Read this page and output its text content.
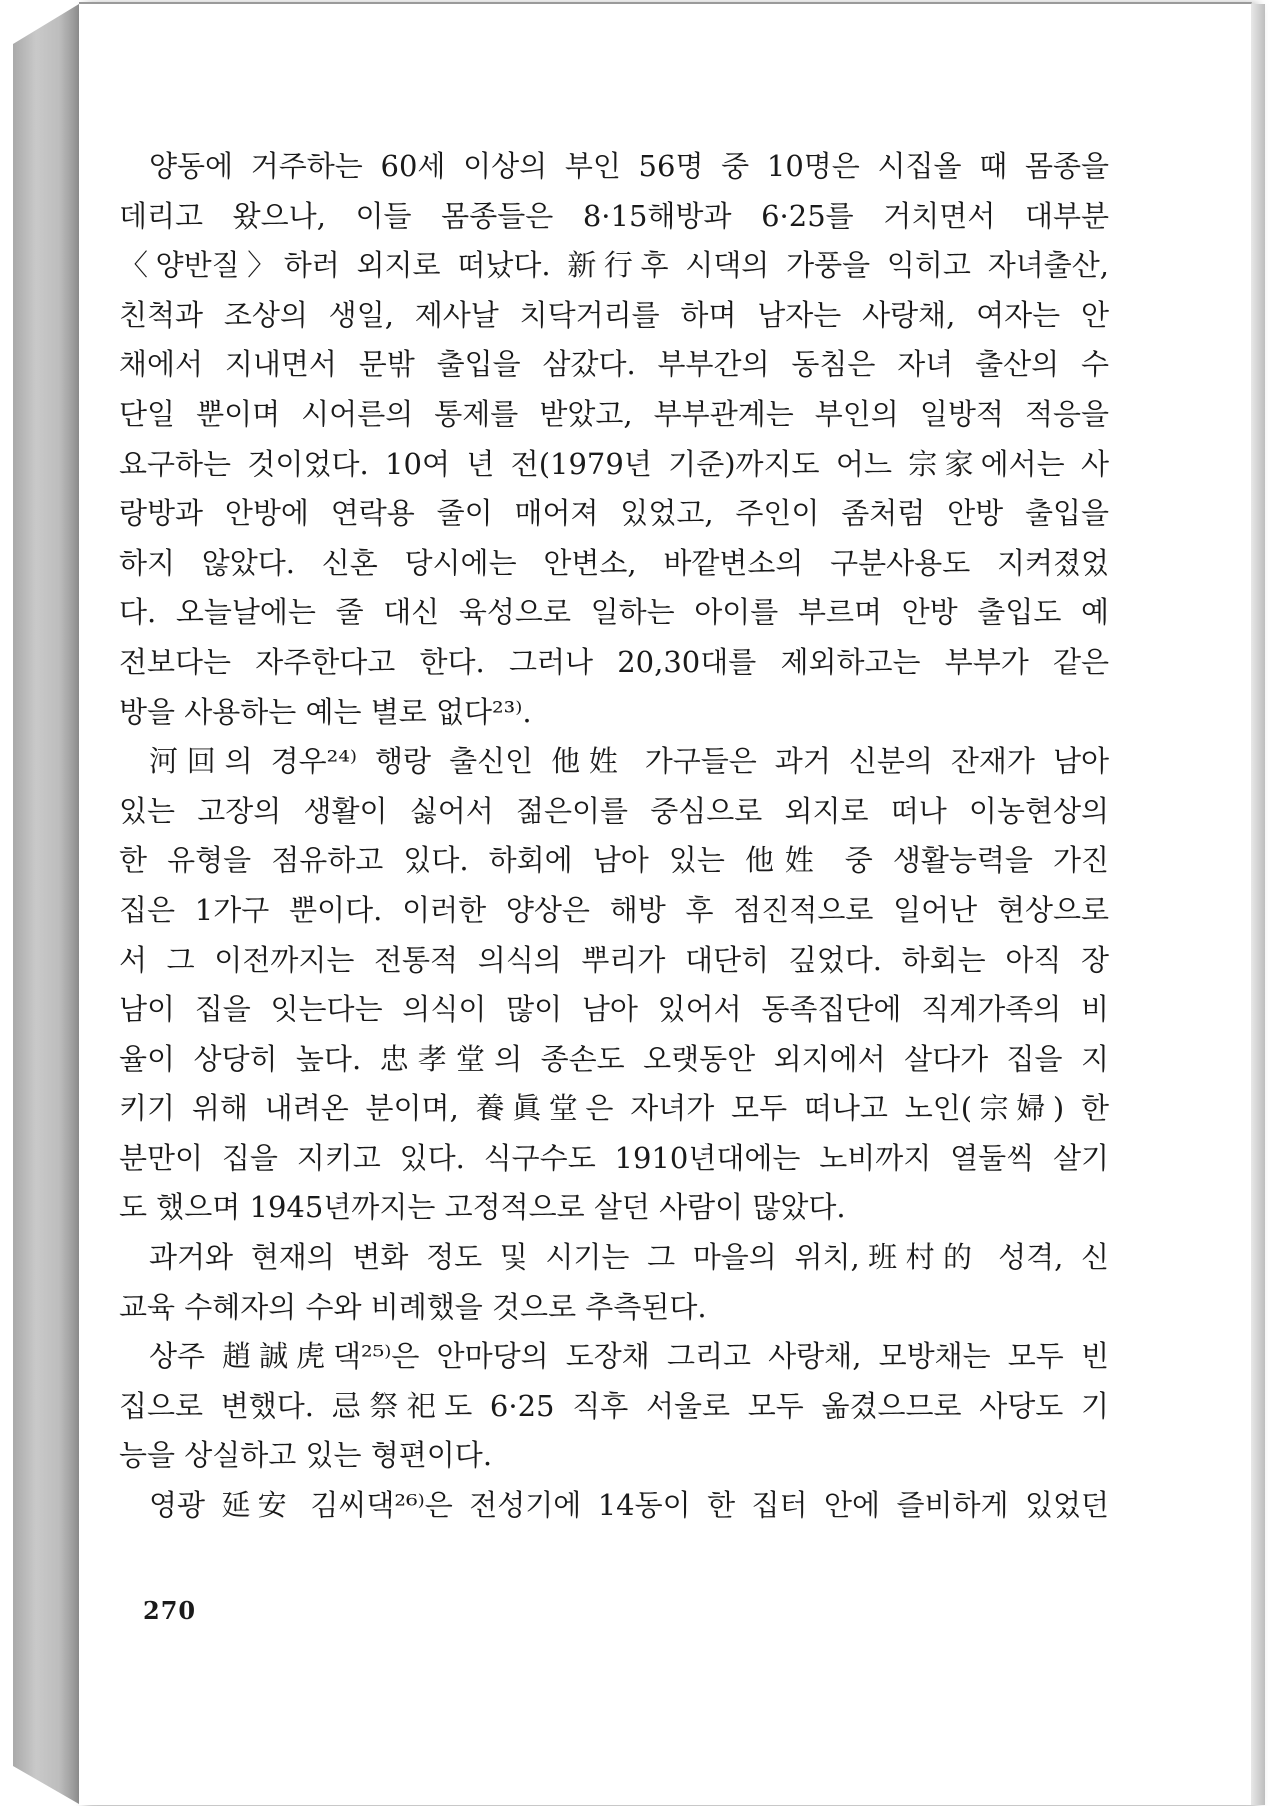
양동에 거주하는 60세 이상의 부인 56명 중 10명은 시집올 때 몸종을
데리고 왔으나, 이들 몸종들은 8·15해방과 6·25를 거치면서 대부분
〈양반질〉하러 외지로 떠났다. 新行후 시댁의 가풍을 익히고 자녀출산,
친척과 조상의 생일, 제사날 치닥거리를 하며 남자는 사랑채, 여자는 안
채에서 지내면서 문밖 출입을 삼갔다. 부부간의 동침은 자녀 출산의 수
단일 뿐이며 시어른의 통제를 받았고, 부부관계는 부인의 일방적 적응을
요구하는 것이었다. 10여 년 전(1979년 기준)까지도 어느 宗家에서는 사
랑방과 안방에 연락용 줄이 매어져 있었고, 주인이 좀처럼 안방 출입을
하지 않았다. 신혼 당시에는 안변소, 바깥변소의 구분사용도 지켜졌었
다. 오늘날에는 줄 대신 육성으로 일하는 아이를 부르며 안방 출입도 예
전보다는 자주한다고 한다. 그러나 20,30대를 제외하고는 부부가 같은
방을 사용하는 예는 별로 없다²³⁾.
河回의 경우²⁴⁾ 행랑 출신인 他姓 가구들은 과거 신분의 잔재가 남아
있는 고장의 생활이 싫어서 젊은이를 중심으로 외지로 떠나 이농현상의
한 유형을 점유하고 있다. 하회에 남아 있는 他姓 중 생활능력을 가진
집은 1가구 뿐이다. 이러한 양상은 해방 후 점진적으로 일어난 현상으로
서 그 이전까지는 전통적 의식의 뿌리가 대단히 깊었다. 하회는 아직 장
남이 집을 잇는다는 의식이 많이 남아 있어서 동족집단에 직계가족의 비
율이 상당히 높다. 忠孝堂의 종손도 오랫동안 외지에서 살다가 집을 지
키기 위해 내려온 분이며, 養眞堂은 자녀가 모두 떠나고 노인(宗婦) 한
분만이 집을 지키고 있다. 식구수도 1910년대에는 노비까지 열둘씩 살기
도 했으며 1945년까지는 고정적으로 살던 사람이 많았다.
과거와 현재의 변화 정도 및 시기는 그 마을의 위치,班村的 성격, 신
교육 수혜자의 수와 비례했을 것으로 추측된다.
상주 趙誠虎댁²⁵⁾은 안마당의 도장채 그리고 사랑채, 모방채는 모두 빈
집으로 변했다. 忌祭祀도 6·25 직후 서울로 모두 옮겼으므로 사당도 기
능을 상실하고 있는 형편이다.
영광 延安 김씨댁²⁶⁾은 전성기에 14동이 한 집터 안에 즐비하게 있었던
270
